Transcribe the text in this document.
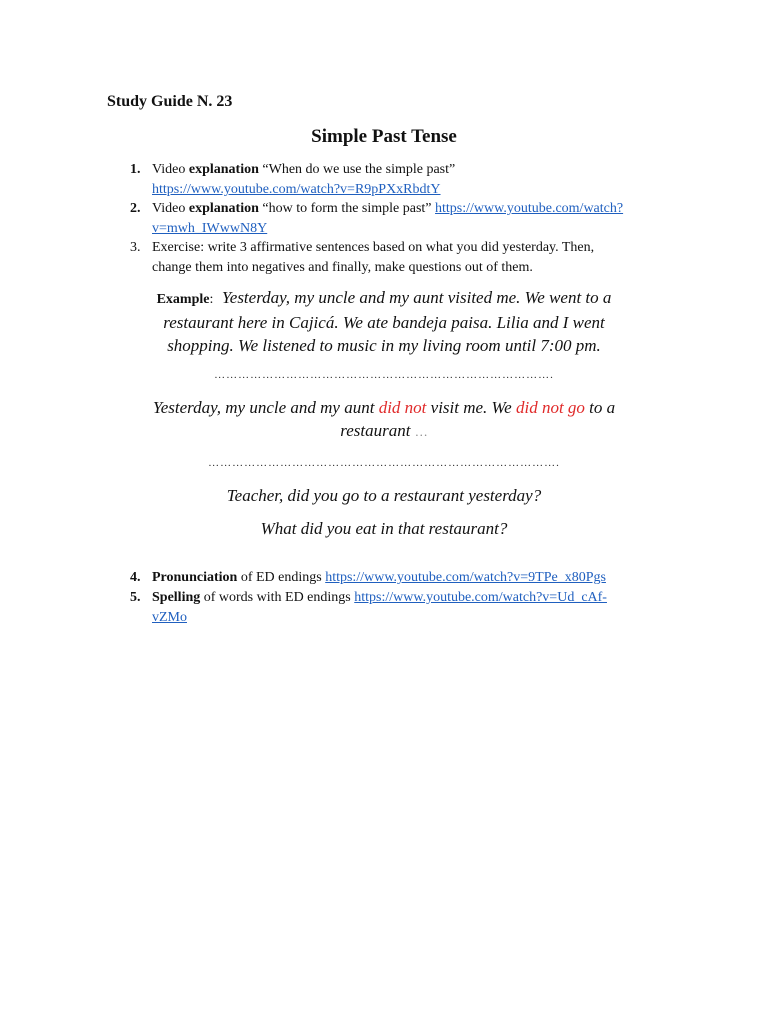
Study Guide N. 23
Simple Past Tense
1. Video explanation “When do we use the simple past”
https://www.youtube.com/watch?v=R9pPXxRbdtY
2. Video explanation “how to form the simple past” https://www.youtube.com/watch?
v=mwh_IWwwN8Y
3. Exercise: write 3 affirmative sentences based on what you did yesterday. Then,
change them into negatives and finally, make questions out of them.
Example: Yesterday, my uncle and my aunt visited me. We went to a
restaurant here in Cajicá. We ate bandeja paisa. Lilia and I went
shopping. We listened to music in my living room until 7:00 pm.
………………………………………………………………………….
Yesterday, my uncle and my aunt did not visit me. We did not go to a
restaurant …
…………………………………………………………………………….
Teacher, did you go to a restaurant yesterday?
What did you eat in that restaurant?
4. Pronunciation of ED endings https://www.youtube.com/watch?v=9TPe_x80Pgs
5. Spelling of words with ED endings https://www.youtube.com/watch?v=Ud_cAf-
vZMo
